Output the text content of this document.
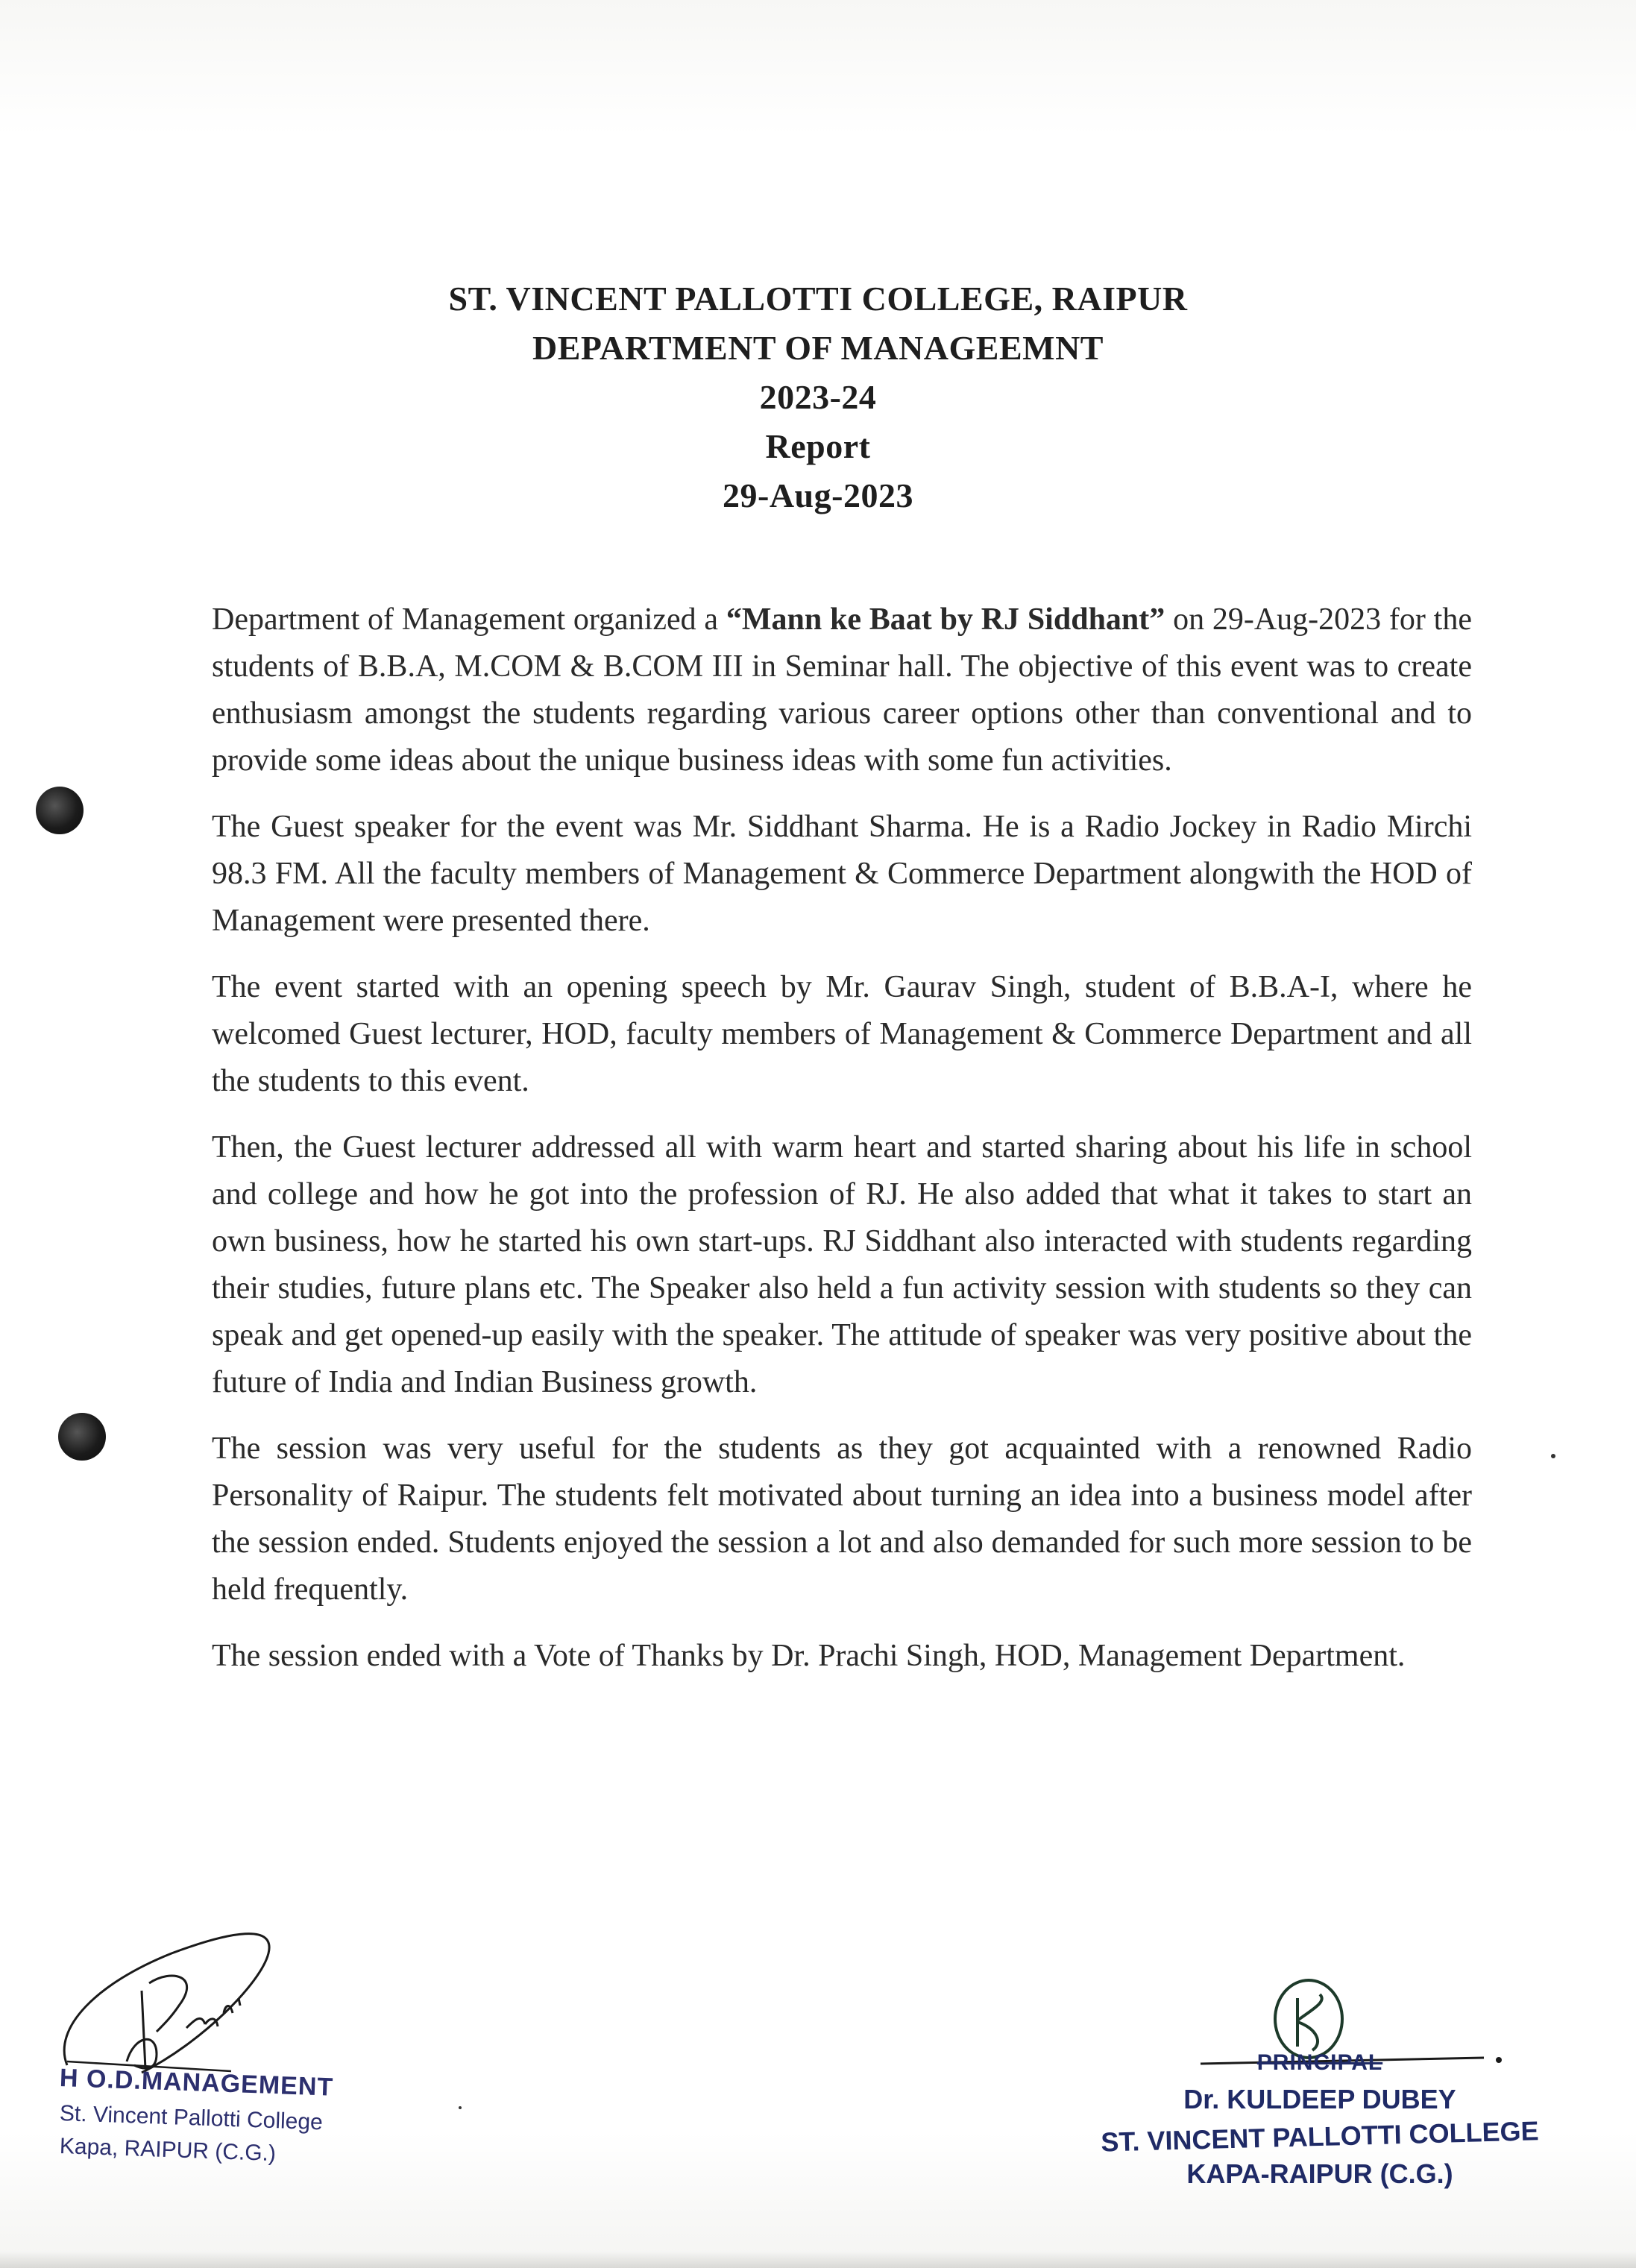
ST. VINCENT PALLOTTI COLLEGE, RAIPUR
DEPARTMENT OF MANAGEEMNT
2023-24
Report
29-Aug-2023

Department of Management organized a “Mann ke Baat by RJ Siddhant” on 29-Aug-2023 for the students of B.B.A, M.COM & B.COM III in Seminar hall. The objective of this event was to create enthusiasm amongst the students regarding various career options other than conventional and to provide some ideas about the unique business ideas with some fun activities.

The Guest speaker for the event was Mr. Siddhant Sharma. He is a Radio Jockey in Radio Mirchi 98.3 FM. All the faculty members of Management & Commerce Department alongwith the HOD of Management were presented there.

The event started with an opening speech by Mr. Gaurav Singh, student of B.B.A-I, where he welcomed Guest lecturer, HOD, faculty members of Management & Commerce Department and all the students to this event.

Then, the Guest lecturer addressed all with warm heart and started sharing about his life in school and college and how he got into the profession of RJ. He also added that what it takes to start an own business, how he started his own start-ups. RJ Siddhant also interacted with students regarding their studies, future plans etc. The Speaker also held a fun activity session with students so they can speak and get opened-up easily with the speaker. The attitude of speaker was very positive about the future of India and Indian Business growth.

The session was very useful for the students as they got acquainted with a renowned Radio Personality of Raipur. The students felt motivated about turning an idea into a business model after the session ended. Students enjoyed the session a lot and also demanded for such more session to be held frequently.

The session ended with a Vote of Thanks by Dr. Prachi Singh, HOD, Management Department.

H O.D.MANAGEMENT
St. Vincent Pallotti College
Kapa, RAIPUR (C.G.)
PRINCIPAL
Dr. KULDEEP DUBEY
ST. VINCENT PALLOTTI COLLEGE
KAPA-RAIPUR (C.G.)
